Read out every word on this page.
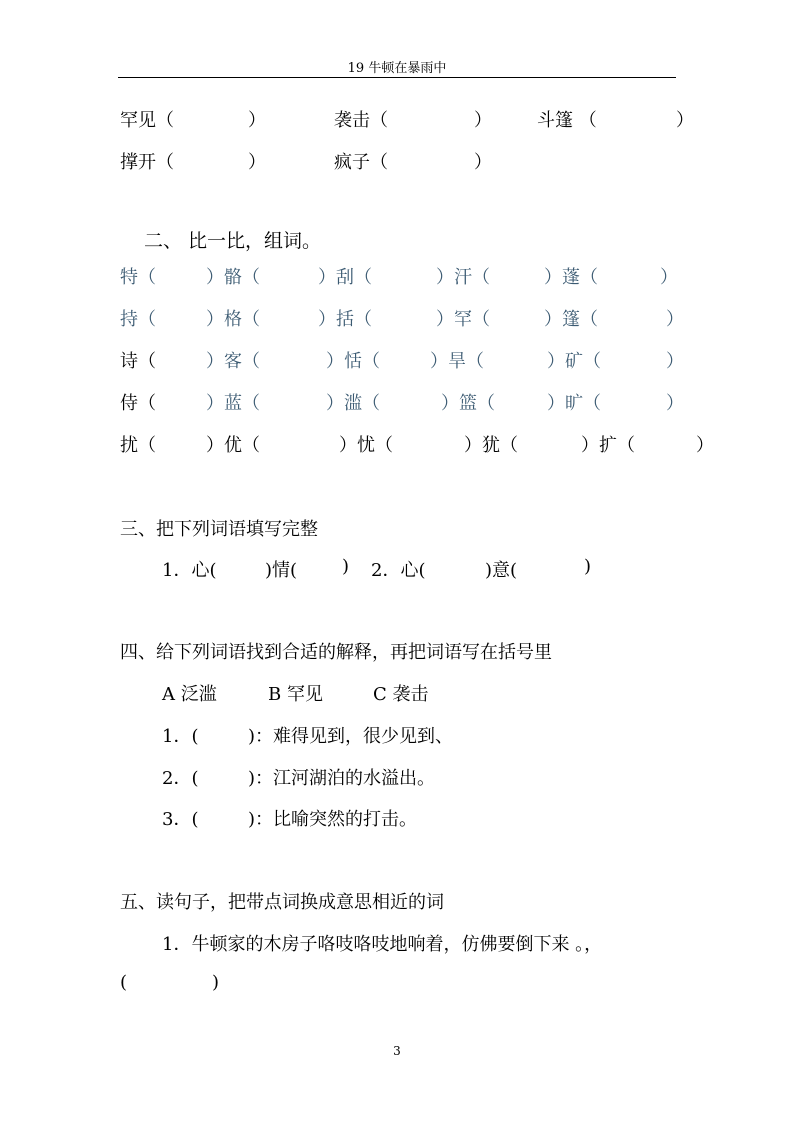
19 牛顿在暴雨中
罕见（	）	袭击（	）	斗篷 （	）
撑开（	）	疯子（	）
二、 比一比，组词。
特（	）骼（	）刮（	）汗（	）蓬（	）
持（	）格（	）括（	）罕（	）篷（	）
诗（	）客（	）恬（	）旱（	）矿（	）
侍（	）蓝（	）滥（	）篮（	）旷（	）
扰（	）优（	）忧（	）犹（	）扩（	）
三、把下列词语填写完整
1．心(	)情( ) 2．心(	)意(	)
四、给下列词语找到合适的解释，再把词语写在括号里
A 泛滥	B 罕见	C 袭击
1．(	)：难得见到，很少见到、
2．(	)：江河湖泊的水溢出。
3．(	)：比喻突然的打击。
五、读句子，把带点词换成意思相近的词
1．牛顿家的木房子咯吱咯吱地响着，仿佛要倒下来 。，
(	)
3
